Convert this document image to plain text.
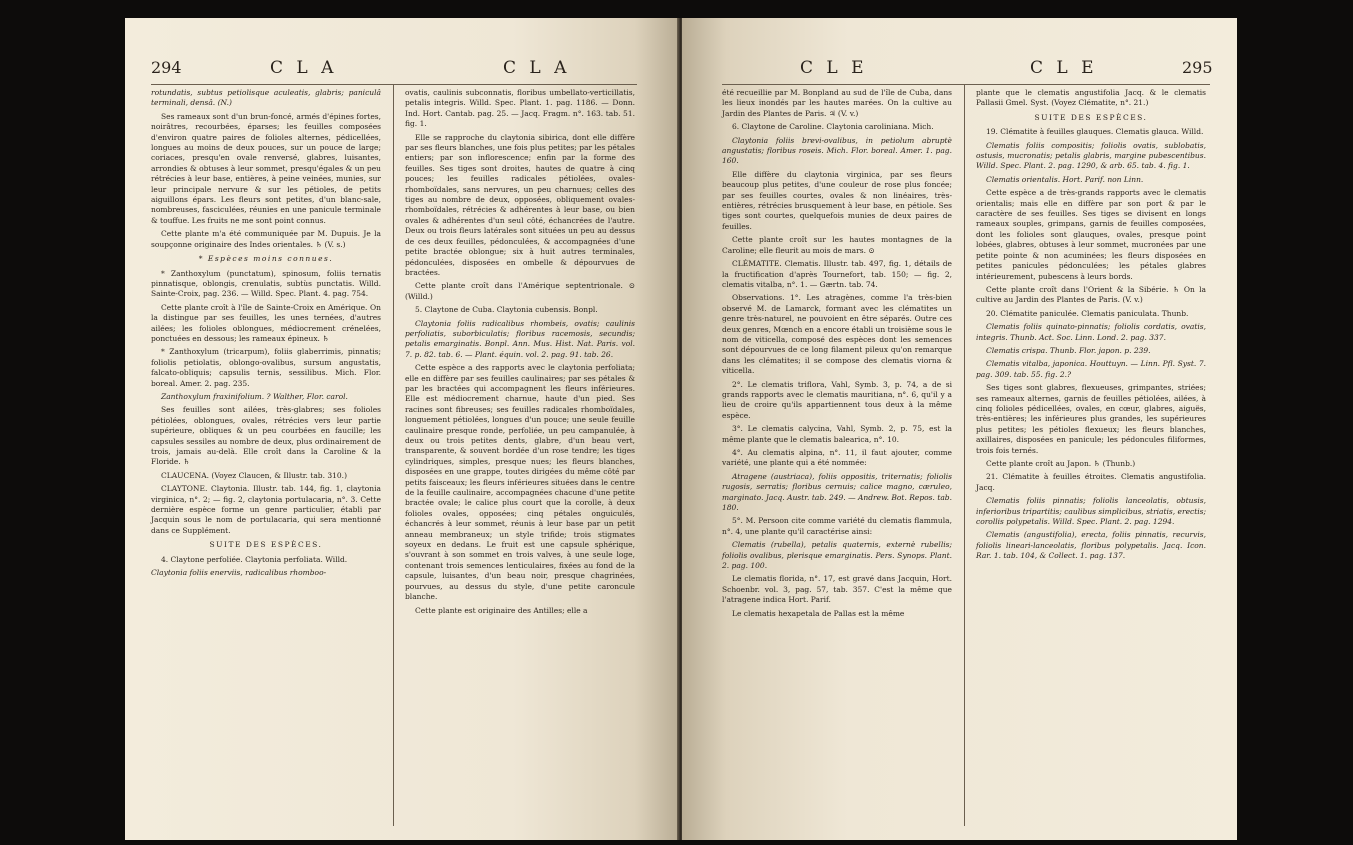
294	C L A	C L A

rotundatis, subtus petiolisque aculeatis, glabris; paniculâ terminali, densâ. (N.)

Ses rameaux sont d'un brun-foncé, armés d'épines fortes, noirâtres, recourbées, éparses; les feuilles composées d'environ quatre paires de folioles alternes, pédicellées, longues au moins de deux pouces, sur un pouce de large; coriaces, presqu'en ovale renversé, glabres, luisantes, arrondies & obtuses à leur sommet, presqu'égales & un peu rétrécies à leur base, entières, à peine veinées, munies, sur leur principale nervure & sur les pétioles, de petits aiguillons épars. Les fleurs sont petites, d'un blanc-sale, nombreuses, fasciculées, réunies en une panicule terminale & touffue. Les fruits ne me sont point connus.

Cette plante m'a été communiquée par M. Dupuis. Je la soupçonne originaire des Indes orientales. ♄ (V. s.)

* Espèces moins connues.

* Zanthoxylum (punctatum), spinosum, foliis ternatis pinnatisque, oblongis, crenulatis, subtùs punctatis. Willd. Sainte-Croix, pag. 236. — Willd. Spec. Plant. 4. pag. 754.

Cette plante croît à l'île de Sainte-Croix en Amérique. On la distingue par ses feuilles, les unes ternées, d'autres ailées; les folioles oblongues, médiocrement crénelées, ponctuées en dessous; les rameaux épineux. ♄

* Zanthoxylum (tricarpum), foliis glaberrimis, pinnatis; foliolis petiolatis, oblongo-ovalibus, sursum angustatis, falcato-obliquis; capsulis ternis, sessilibus. Mich. Flor. boreal. Amer. 2. pag. 235.

Zanthoxylum fraxinifolium. ? Walther, Flor. carol.

Ses feuilles sont ailées, très-glabres; ses folioles pétiolées, oblongues, ovales, rétrécies vers leur partie supérieure, obliques & un peu courbées en faucille; les capsules sessiles au nombre de deux, plus ordinairement de trois, jamais au-delà. Elle croît dans la Caroline & la Floride. ♄

CLAUCENA. (Voyez Claucen, & Illustr. tab. 310.)

CLAYTONE. Claytonia. Illustr. tab. 144, fig. 1, claytonia virginica, n°. 2; — fig. 2, claytonia portulacaria, n°. 3. Cette dernière espèce forme un genre particulier, établi par Jacquin sous le nom de portulacaria, qui sera mentionné dans ce Supplément.

SUITE DES ESPÈCES.

4. Claytone perfoliée. Claytonia perfoliata. Willd.

Claytonia foliis enerviis, radicalibus rhomboo-

ovatis, caulinis subconnatis, floribus umbellato-verticillatis, petalis integris. Willd. Spec. Plant. 1. pag. 1186. — Donn. Ind. Hort. Cantab. pag. 25. — Jacq. Fragm. n°. 163. tab. 51. fig. 1.

Elle se rapproche du claytonia sibirica, dont elle diffère par ses fleurs blanches, une fois plus petites; par les pétales entiers; par son inflorescence; enfin par la forme des feuilles. Ses tiges sont droites, hautes de quatre à cinq pouces; les feuilles radicales pétiolées, ovales-rhomboïdales, sans nervures, un peu charnues; celles des tiges au nombre de deux, opposées, obliquement ovales-rhomboïdales, rétrécies & adhérentes à leur base, ou bien ovales & adhérentes d'un seul côté, échancrées de l'autre. Deux ou trois fleurs latérales sont situées un peu au dessus de ces deux feuilles, pédonculées, & accompagnées d'une petite bractée oblongue; six à huit autres terminales, pédonculées, disposées en ombelle & dépourvues de bractées.

Cette plante croît dans l'Amérique septentrionale. ⊙ (Willd.)

5. Claytone de Cuba. Claytonia cubensis. Bonpl.

Claytonia foliis radicalibus rhombeis, ovatis; caulinis perfoliatis, suborbiculatis; floribus racemosis, secundis; petalis emarginatis. Bonpl. Ann. Mus. Hist. Nat. Paris. vol. 7. p. 82. tab. 6. — Plant. équin. vol. 2. pag. 91. tab. 26.

Cette espèce a des rapports avec le claytonia perfoliata; elle en diffère par ses feuilles caulinaires; par ses pétales & par les bractées qui accompagnent les fleurs inférieures. Elle est médiocrement charnue, haute d'un pied. Ses racines sont fibreuses; ses feuilles radicales rhomboïdales, longuement pétiolées, longues d'un pouce; une seule feuille caulinaire presque ronde, perfoliée, un peu campanulée, à deux ou trois petites dents, glabre, d'un beau vert, transparente, & souvent bordée d'un rose tendre; les tiges cylindriques, simples, presque nues; les fleurs blanches, disposées en une grappe, toutes dirigées du même côté par petits faisceaux; les fleurs inférieures situées dans le centre de la feuille caulinaire, accompagnées chacune d'une petite bractée ovale; le calice plus court que la corolle, à deux folioles ovales, opposées; cinq pétales onguiculés, échancrés à leur sommet, réunis à leur base par un petit anneau membraneux; un style trifide; trois stigmates soyeux en dedans. Le fruit est une capsule sphérique, s'ouvrant à son sommet en trois valves, à une seule loge, contenant trois semences lenticulaires, fixées au fond de la capsule, luisantes, d'un beau noir, presque chagrinées, pourvues, au dessus du style, d'une petite caroncule blanche.

Cette plante est originaire des Antilles; elle a

C L E	C L E	295

été recueillie par M. Bonpland au sud de l'île de Cuba, dans les lieux inondés par les hautes marées. On la cultive au Jardin des Plantes de Paris. ♃ (V. v.)

6. Claytone de Caroline. Claytonia caroliniana. Mich.

Claytonia foliis brevi-ovalibus, in petiolum abruptè angustatis; floribus roseis. Mich. Flor. boreal. Amer. 1. pag. 160.

Elle diffère du claytonia virginica, par ses fleurs beaucoup plus petites, d'une couleur de rose plus foncée; par ses feuilles courtes, ovales & non linéaires, très-entières, rétrécies brusquement à leur base, en pétiole. Ses tiges sont courtes, quelquefois munies de deux paires de feuilles.

Cette plante croît sur les hautes montagnes de la Caroline; elle fleurit au mois de mars. ⊙

CLÉMATITE. Clematis. Illustr. tab. 497, fig. 1, détails de la fructification d'après Tournefort, tab. 150; — fig. 2, clematis vitalba, n°. 1. — Gærtn. tab. 74.

Observations. 1°. Les atragènes, comme l'a très-bien observé M. de Lamarck, formant avec les clématites un genre très-naturel, ne pouvoient en être séparés. Outre ces deux genres, Mœnch en a encore établi un troisième sous le nom de viticella, composé des espèces dont les semences sont dépourvues de ce long filament pileux qu'on remarque dans les clématites; il se compose des clematis viorna & viticella.

2°. Le clematis triflora, Vahl, Symb. 3, p. 74, a de si grands rapports avec le clematis mauritiana, n°. 6, qu'il y a lieu de croire qu'ils appartiennent tous deux à la même espèce.

3°. Le clematis calycina, Vahl, Symb. 2, p. 75, est la même plante que le clematis balearica, n°. 10.

4°. Au clematis alpina, n°. 11, il faut ajouter, comme variété, une plante qui a été nommée:

Atragene (austriaca), foliis oppositis, triternatis; foliolis rugosis, serratis; floribus cernuis; calice magno, cæruleo, marginato. Jacq. Austr. tab. 249. — Andrew. Bot. Repos. tab. 180.

5°. M. Persoon cite comme variété du clematis flammula, n°. 4, une plante qu'il caractérise ainsi:

Clematis (rubella), petalis quaternis, externè rubellis; foliolis ovalibus, plerisque emarginatis. Pers. Synops. Plant. 2. pag. 100.

Le clematis florida, n°. 17, est gravé dans Jacquin, Hort. Schoenbr. vol. 3, pag. 57, tab. 357. C'est la même que l'atragene indica Hort. Parif.

Le clematis hexapetala de Pallas est la même

plante que le clematis angustifolia Jacq. & le clematis Pallasii Gmel. Syst. (Voyez Clématite, n°. 21.)

SUITE DES ESPÈCES.

19. Clématite à feuilles glauques. Clematis glauca. Willd.

Clematis foliis compositis; foliolis ovatis, sublobatis, ostusis, mucronatis; petalis glabris, margine pubescentibus. Willd. Spec. Plant. 2. pag. 1290, & arb. 65. tab. 4. fig. 1.

Clematis orientalis. Hort. Parif. non Linn.

Cette espèce a de très-grands rapports avec le clematis orientalis; mais elle en diffère par son port & par le caractère de ses feuilles. Ses tiges se divisent en longs rameaux souples, grimpans, garnis de feuilles composées, dont les folioles sont glauques, ovales, presque point lobées, glabres, obtuses à leur sommet, mucronées par une petite pointe & non acuminées; les fleurs disposées en petites panicules pédonculées; les pétales glabres intérieurement, pubescens à leurs bords.

Cette plante croît dans l'Orient & la Sibérie. ♄ On la cultive au Jardin des Plantes de Paris. (V. v.)

20. Clématite paniculée. Clematis paniculata. Thunb.

Clematis foliis quinato-pinnatis; foliolis cordatis, ovatis, integris. Thunb. Act. Soc. Linn. Lond. 2. pag. 337.

Clematis crispa. Thunb. Flor. japon. p. 239.

Clematis vitalba, japonica. Houttuyn. — Linn. Pfl. Syst. 7. pag. 309. tab. 55. fig. 2.?

Ses tiges sont glabres, flexueuses, grimpantes, striées; ses rameaux alternes, garnis de feuilles pétiolées, ailées, à cinq folioles pédicellées, ovales, en cœur, glabres, aiguës, très-entières; les inférieures plus grandes, les supérieures plus petites; les pétioles flexueux; les fleurs blanches, axillaires, disposées en panicule; les pédoncules filiformes, trois fois ternés.

Cette plante croît au Japon. ♄ (Thunb.)

21. Clématite à feuilles étroites. Clematis angustifolia. Jacq.

Clematis foliis pinnatis; foliolis lanceolatis, obtusis, inferioribus tripartitis; caulibus simplicibus, striatis, erectis; corollis polypetalis. Willd. Spec. Plant. 2. pag. 1294.

Clematis (angustifolia), erecta, foliis pinnatis, recurvis, foliolis lineari-lanceolatis, floribus polypetalis. Jacq. Icon. Rar. 1. tab. 104, & Collect. 1. pag. 137.
